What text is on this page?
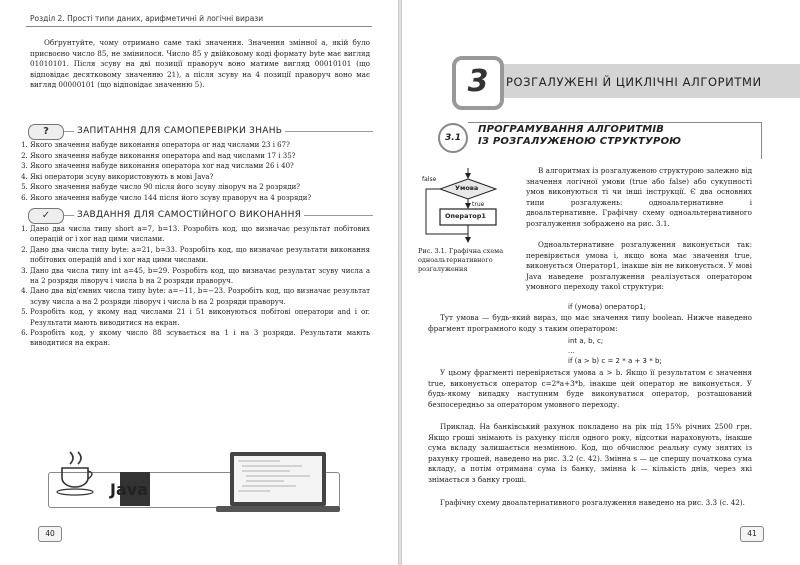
Розділ 2. Прості типи даних, арифметичні й логічні вирази

Обґрунтуйте, чому отримано саме такі значення. Значення змінної a, якій було присвоєно число 85, не змінилося. Число 85 у двійковому коді формату byte має вигляд 01010101. Після зсуву на дві позиції праворуч воно матиме вигляд 00010101 (що відповідає десятковому значенню 21), а після зсуву на 4 позиції праворуч воно має вигляд 00000101 (що відповідає значенню 5).

?	ЗАПИТАННЯ ДЛЯ САМОПЕРЕВІРКИ ЗНАНЬ
1. Якого значення набуде виконання оператора or над числами 23 і 67?
2. Якого значення набуде виконання оператора and над числами 17 і 35?
3. Якого значення набуде виконання оператора xor над числами 26 і 40?
4. Які оператори зсуву використовують в мові Java?
5. Якого значення набуде число 90 після його зсуву ліворуч на 2 розряди?
6. Якого значення набуде число 144 після його зсуву праворуч на 4 розряди?
✓	ЗАВДАННЯ ДЛЯ САМОСТІЙНОГО ВИКОНАННЯ
1. Дано два числа типу short a=7, b=13. Розробіть код, що визначає результат побітових операцій or і xor над цими числами.
2. Дано два числа типу byte: a=21, b=33. Розробіть код, що визначає результати виконання побітових операцій and і xor над цими числами.
3. Дано два числа типу int a=45, b=29. Розробіть код, що визначає результат зсуву числа a на 2 розряди ліворуч і числа b на 2 розряди праворуч.
4. Дано два від'ємних числа типу byte: a=−11, b=−23. Розробіть код, що визначає результат зсуву числа a на 2 розряди ліворуч і числа b на 2 розряди праворуч.
5. Розробіть код, у якому над числами 21 і 51 виконуються побітові оператори and і or. Результати мають виводитися на екран.
6. Розробіть код, у якому число 88 зсувається на 1 і на 3 розряди. Результати мають виводитися на екран.
Java
40
3	РОЗГАЛУЖЕНІ Й ЦИКЛІЧНІ АЛГОРИТМИ
3.1
ПРОГРАМУВАННЯ АЛГОРИТМІВ
ІЗ РОЗГАЛУЖЕНОЮ СТРУКТУРОЮ
false
Умова
true
Оператор1
Рис. 3.1. Графічна схема одноальтернативного розгалуження

В алгоритмах із розгалуженою структурою залежно від значення логічної умови (true або false) або сукупності умов виконуються ті чи інші інструкції. Є два основних типи розгалужень: одноальтернативне і двоальтернативне. Графічну схему одноальтернативного розгалуження зображено на рис. 3.1.

Одноальтернативне розгалуження виконується так: перевіряється умова і, якщо вона має значення true, виконується Оператор1, інакше він не виконується. У мові Java наведене розгалуження реалізується оператором умовного переходу такої структури:

if (умова) оператор1;

Тут умова — будь-який вираз, що має значення типу boolean. Нижче наведено фрагмент програмного коду з таким оператором:

int a, b, c;
...
if (a > b) c = 2 * a + 3 * b;

У цьому фрагменті перевіряється умова a > b. Якщо її результатом є значення true, виконується оператор c=2*a+3*b, інакше цей оператор не виконується. У будь-якому випадку наступним буде виконуватися оператор, розташований безпосередньо за оператором умовного переходу.

Приклад. На банківський рахунок покладено на рік під 15% річних 2500 грн. Якщо гроші знімають із рахунку після одного року, відсотки нараховують, інакше сума вкладу залишається незмінною. Код, що обчислює реальну суму знятих із рахунку грошей, наведено на рис. 3.2 (с. 42). Змінна s — це спершу початкова сума вкладу, а потім отримана сума із банку, змінна k — кількість днів, через які знімається з банку гроші.

Графічну схему двоальтернативного розгалуження наведено на рис. 3.3 (с. 42).

41
